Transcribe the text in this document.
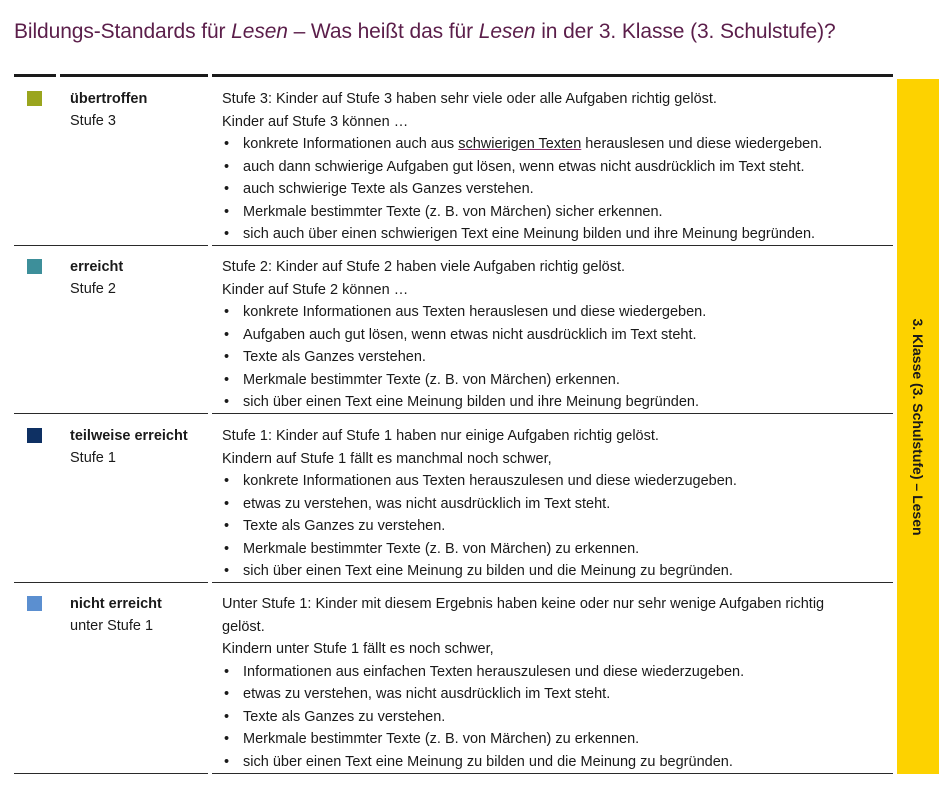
Bildungs-Standards für Lesen – Was heißt das für Lesen in der 3. Klasse (3. Schulstufe)?
3. Klasse (3. Schulstufe) – Lesen
übertroffen
Stufe 3
Stufe 3: Kinder auf Stufe 3 haben sehr viele oder alle Aufgaben richtig gelöst.
Kinder auf Stufe 3 können …
• konkrete Informationen auch aus schwierigen Texten herauslesen und diese wiedergeben.
• auch dann schwierige Aufgaben gut lösen, wenn etwas nicht ausdrücklich im Text steht.
• auch schwierige Texte als Ganzes verstehen.
• Merkmale bestimmter Texte (z. B. von Märchen) sicher erkennen.
• sich auch über einen schwierigen Text eine Meinung bilden und ihre Meinung begründen.
erreicht
Stufe 2
Stufe 2: Kinder auf Stufe 2 haben viele Aufgaben richtig gelöst.
Kinder auf Stufe 2 können …
• konkrete Informationen aus Texten herauslesen und diese wiedergeben.
• Aufgaben auch gut lösen, wenn etwas nicht ausdrücklich im Text steht.
• Texte als Ganzes verstehen.
• Merkmale bestimmter Texte (z. B. von Märchen) erkennen.
• sich über einen Text eine Meinung bilden und ihre Meinung begründen.
teilweise erreicht
Stufe 1
Stufe 1: Kinder auf Stufe 1 haben nur einige Aufgaben richtig gelöst.
Kindern auf Stufe 1 fällt es manchmal noch schwer,
• konkrete Informationen aus Texten herauszulesen und diese wiederzugeben.
• etwas zu verstehen, was nicht ausdrücklich im Text steht.
• Texte als Ganzes zu verstehen.
• Merkmale bestimmter Texte (z. B. von Märchen) zu erkennen.
• sich über einen Text eine Meinung zu bilden und die Meinung zu begründen.
nicht erreicht
unter Stufe 1
Unter Stufe 1: Kinder mit diesem Ergebnis haben keine oder nur sehr wenige Aufgaben richtig gelöst.
Kindern unter Stufe 1 fällt es noch schwer,
• Informationen aus einfachen Texten herauszulesen und diese wiederzugeben.
• etwas zu verstehen, was nicht ausdrücklich im Text steht.
• Texte als Ganzes zu verstehen.
• Merkmale bestimmter Texte (z. B. von Märchen) zu erkennen.
• sich über einen Text eine Meinung zu bilden und die Meinung zu begründen.
